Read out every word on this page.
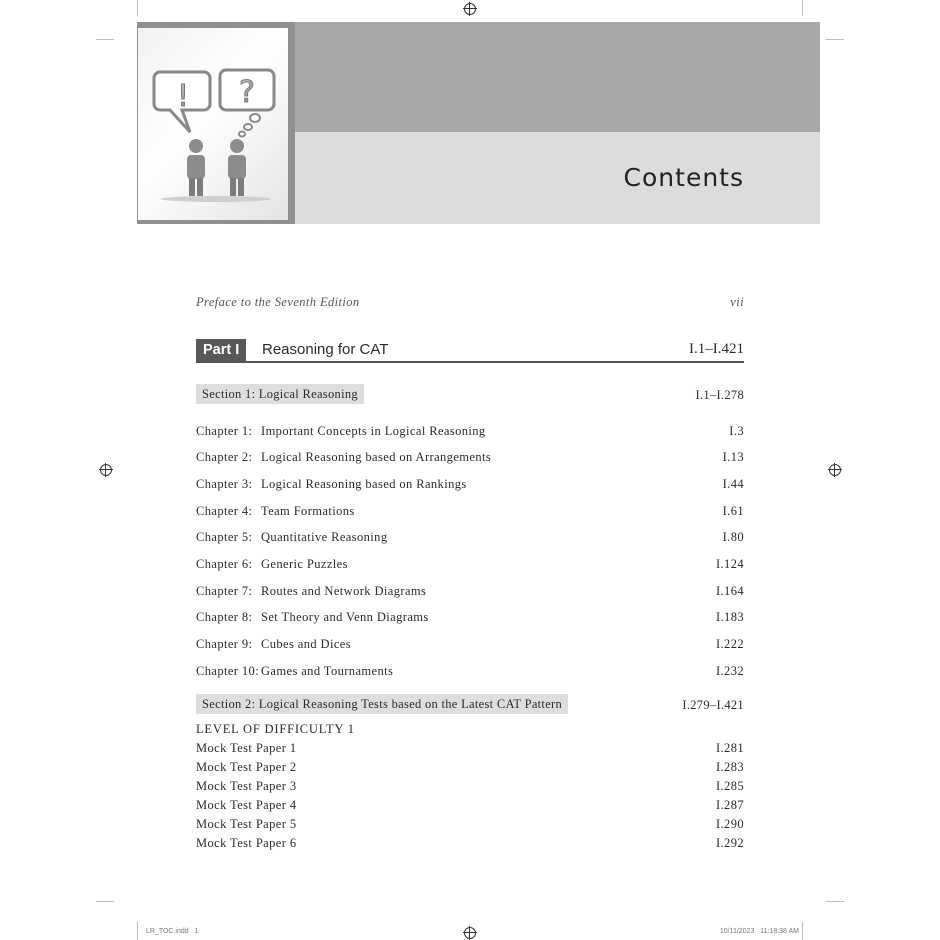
! ?
Contents
Preface to the Seventh Edition	vii
Part I	Reasoning for CAT	I.1–I.421
Section 1: Logical Reasoning	I.1–I.278
Chapter 1: Important Concepts in Logical Reasoning	I.3
Chapter 2: Logical Reasoning based on Arrangements	I.13
Chapter 3: Logical Reasoning based on Rankings	I.44
Chapter 4: Team Formations	I.61
Chapter 5: Quantitative Reasoning	I.80
Chapter 6: Generic Puzzles	I.124
Chapter 7: Routes and Network Diagrams	I.164
Chapter 8: Set Theory and Venn Diagrams	I.183
Chapter 9: Cubes and Dices	I.222
Chapter 10: Games and Tournaments	I.232
Section 2: Logical Reasoning Tests based on the Latest CAT Pattern	I.279–I.421
LEVEL OF DIFFICULTY 1
Mock Test Paper 1	I.281
Mock Test Paper 2	I.283
Mock Test Paper 3	I.285
Mock Test Paper 4	I.287
Mock Test Paper 5	I.290
Mock Test Paper 6	I.292
LR_TOC.indd   1	10/11/2023   11:18:38 AM
